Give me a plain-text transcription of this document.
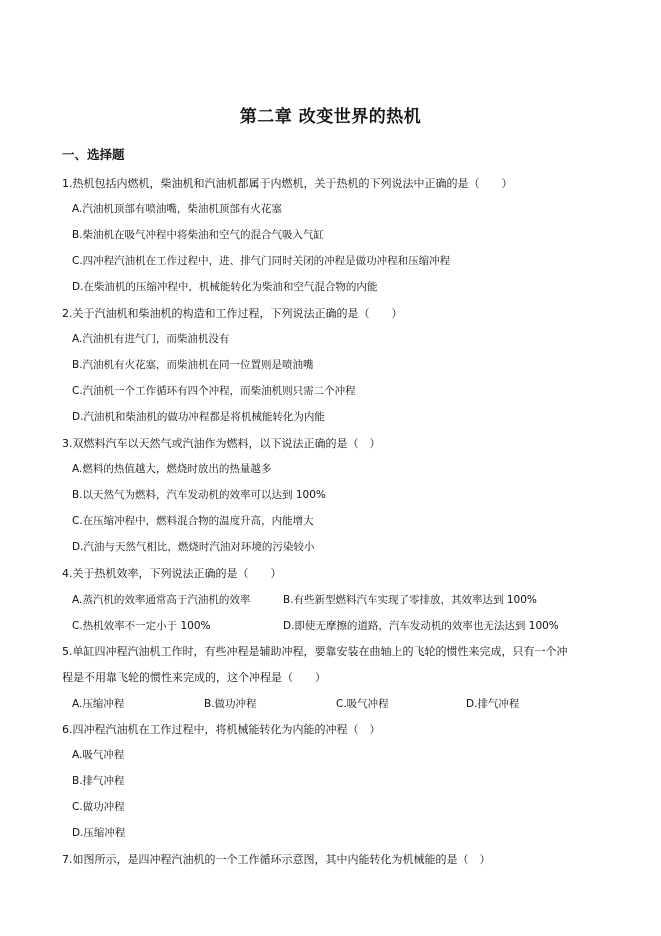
第二章 改变世界的热机
一、选择题
1.热机包括内燃机，柴油机和汽油机都属于内燃机，关于热机的下列说法中正确的是（　　）
A.汽油机顶部有喷油嘴，柴油机顶部有火花塞
B.柴油机在吸气冲程中将柴油和空气的混合气吸入气缸
C.四冲程汽油机在工作过程中，进、排气门同时关闭的冲程是做功冲程和压缩冲程
D.在柴油机的压缩冲程中，机械能转化为柴油和空气混合物的内能
2.关于汽油机和柴油机的构造和工作过程，下列说法正确的是（　　）
A.汽油机有进气门，而柴油机没有
B.汽油机有火花塞，而柴油机在同一位置则是喷油嘴
C.汽油机一个工作循环有四个冲程，而柴油机则只需二个冲程
D.汽油机和柴油机的做功冲程都是将机械能转化为内能
3.双燃料汽车以天然气或汽油作为燃料，以下说法正确的是（　）
A.燃料的热值越大，燃烧时放出的热量越多
B.以天然气为燃料，汽车发动机的效率可以达到 100%
C.在压缩冲程中，燃料混合物的温度升高，内能增大
D.汽油与天然气相比，燃烧时汽油对环境的污染较小
4.关于热机效率，下列说法正确的是（　　）
A.蒸汽机的效率通常高于汽油机的效率	B.有些新型燃料汽车实现了零排放，其效率达到 100%
C.热机效率不一定小于 100%	D.即使无摩擦的道路，汽车发动机的效率也无法达到 100%
5.单缸四冲程汽油机工作时，有些冲程是辅助冲程，要靠安装在曲轴上的飞轮的惯性来完成，只有一个冲
程是不用靠飞轮的惯性来完成的，这个冲程是（　　）
A.压缩冲程	B.做功冲程	C.吸气冲程	D.排气冲程
6.四冲程汽油机在工作过程中，将机械能转化为内能的冲程（　）
A.吸气冲程
B.排气冲程
C.做功冲程
D.压缩冲程
7.如图所示，是四冲程汽油机的一个工作循环示意图，其中内能转化为机械能的是（　）
